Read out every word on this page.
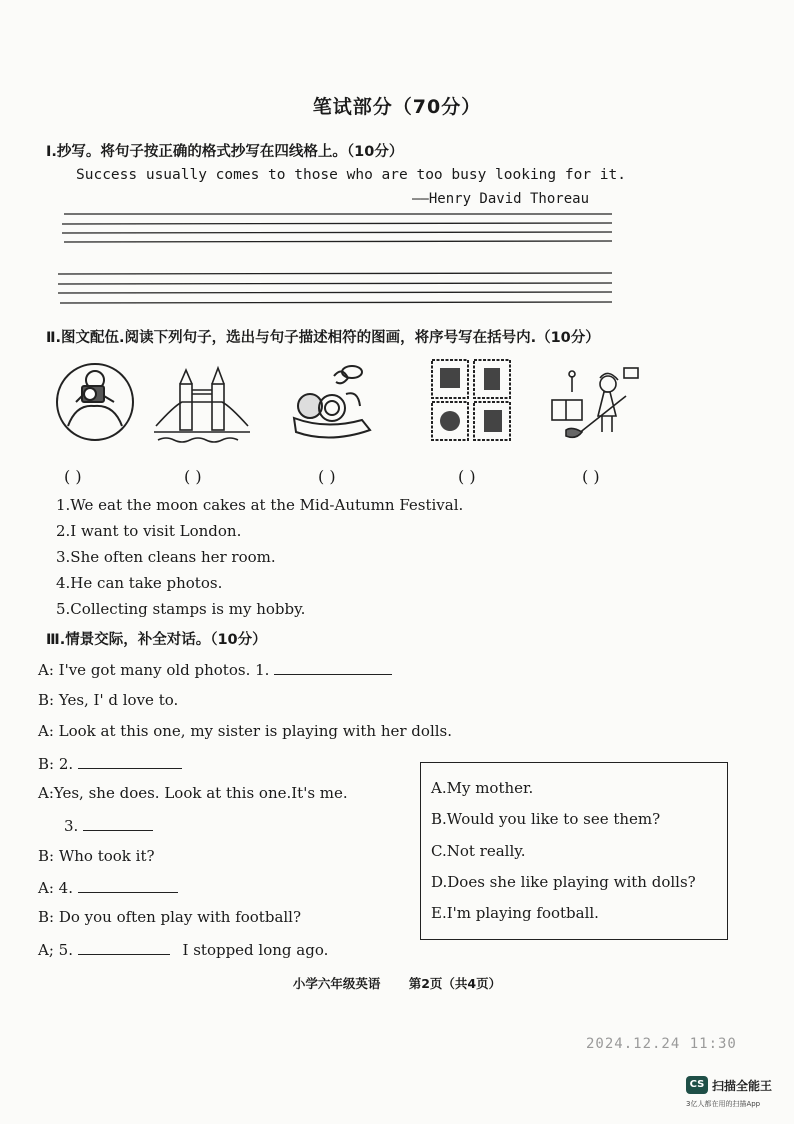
笔试部分（70分）
Ⅰ.抄写。将句子按正确的格式抄写在四线格上。（10分）
Success usually comes to those who are too busy looking for it.
——Henry David Thoreau
Ⅱ.图文配伍.阅读下列句子，选出与句子描述相符的图画，将序号写在括号内.（10分）
( )	( )	( )	( )	( )
1.We eat the moon cakes at the Mid-Autumn Festival.
2.I want to visit London.
3.She often cleans her room.
4.He can take photos.
5.Collecting stamps is my hobby.
Ⅲ.情景交际，补全对话。（10分）
A: I've got many old photos. 1.
B: Yes, I' d love to.
A: Look at this one, my sister is playing with her dolls.
B: 2.
A:Yes, she does. Look at this one.It's me.
3.
B: Who took it?
A: 4.
B: Do you often play with football?
A; 5.	I stopped long ago.
A.My mother.
B.Would you like to see them?
C.Not really.
D.Does she like playing with dolls?
E.I'm playing football.
小学六年级英语 第2页（共4页）
2024.12.24 11:30
CS 扫描全能王
3亿人都在用的扫描App
